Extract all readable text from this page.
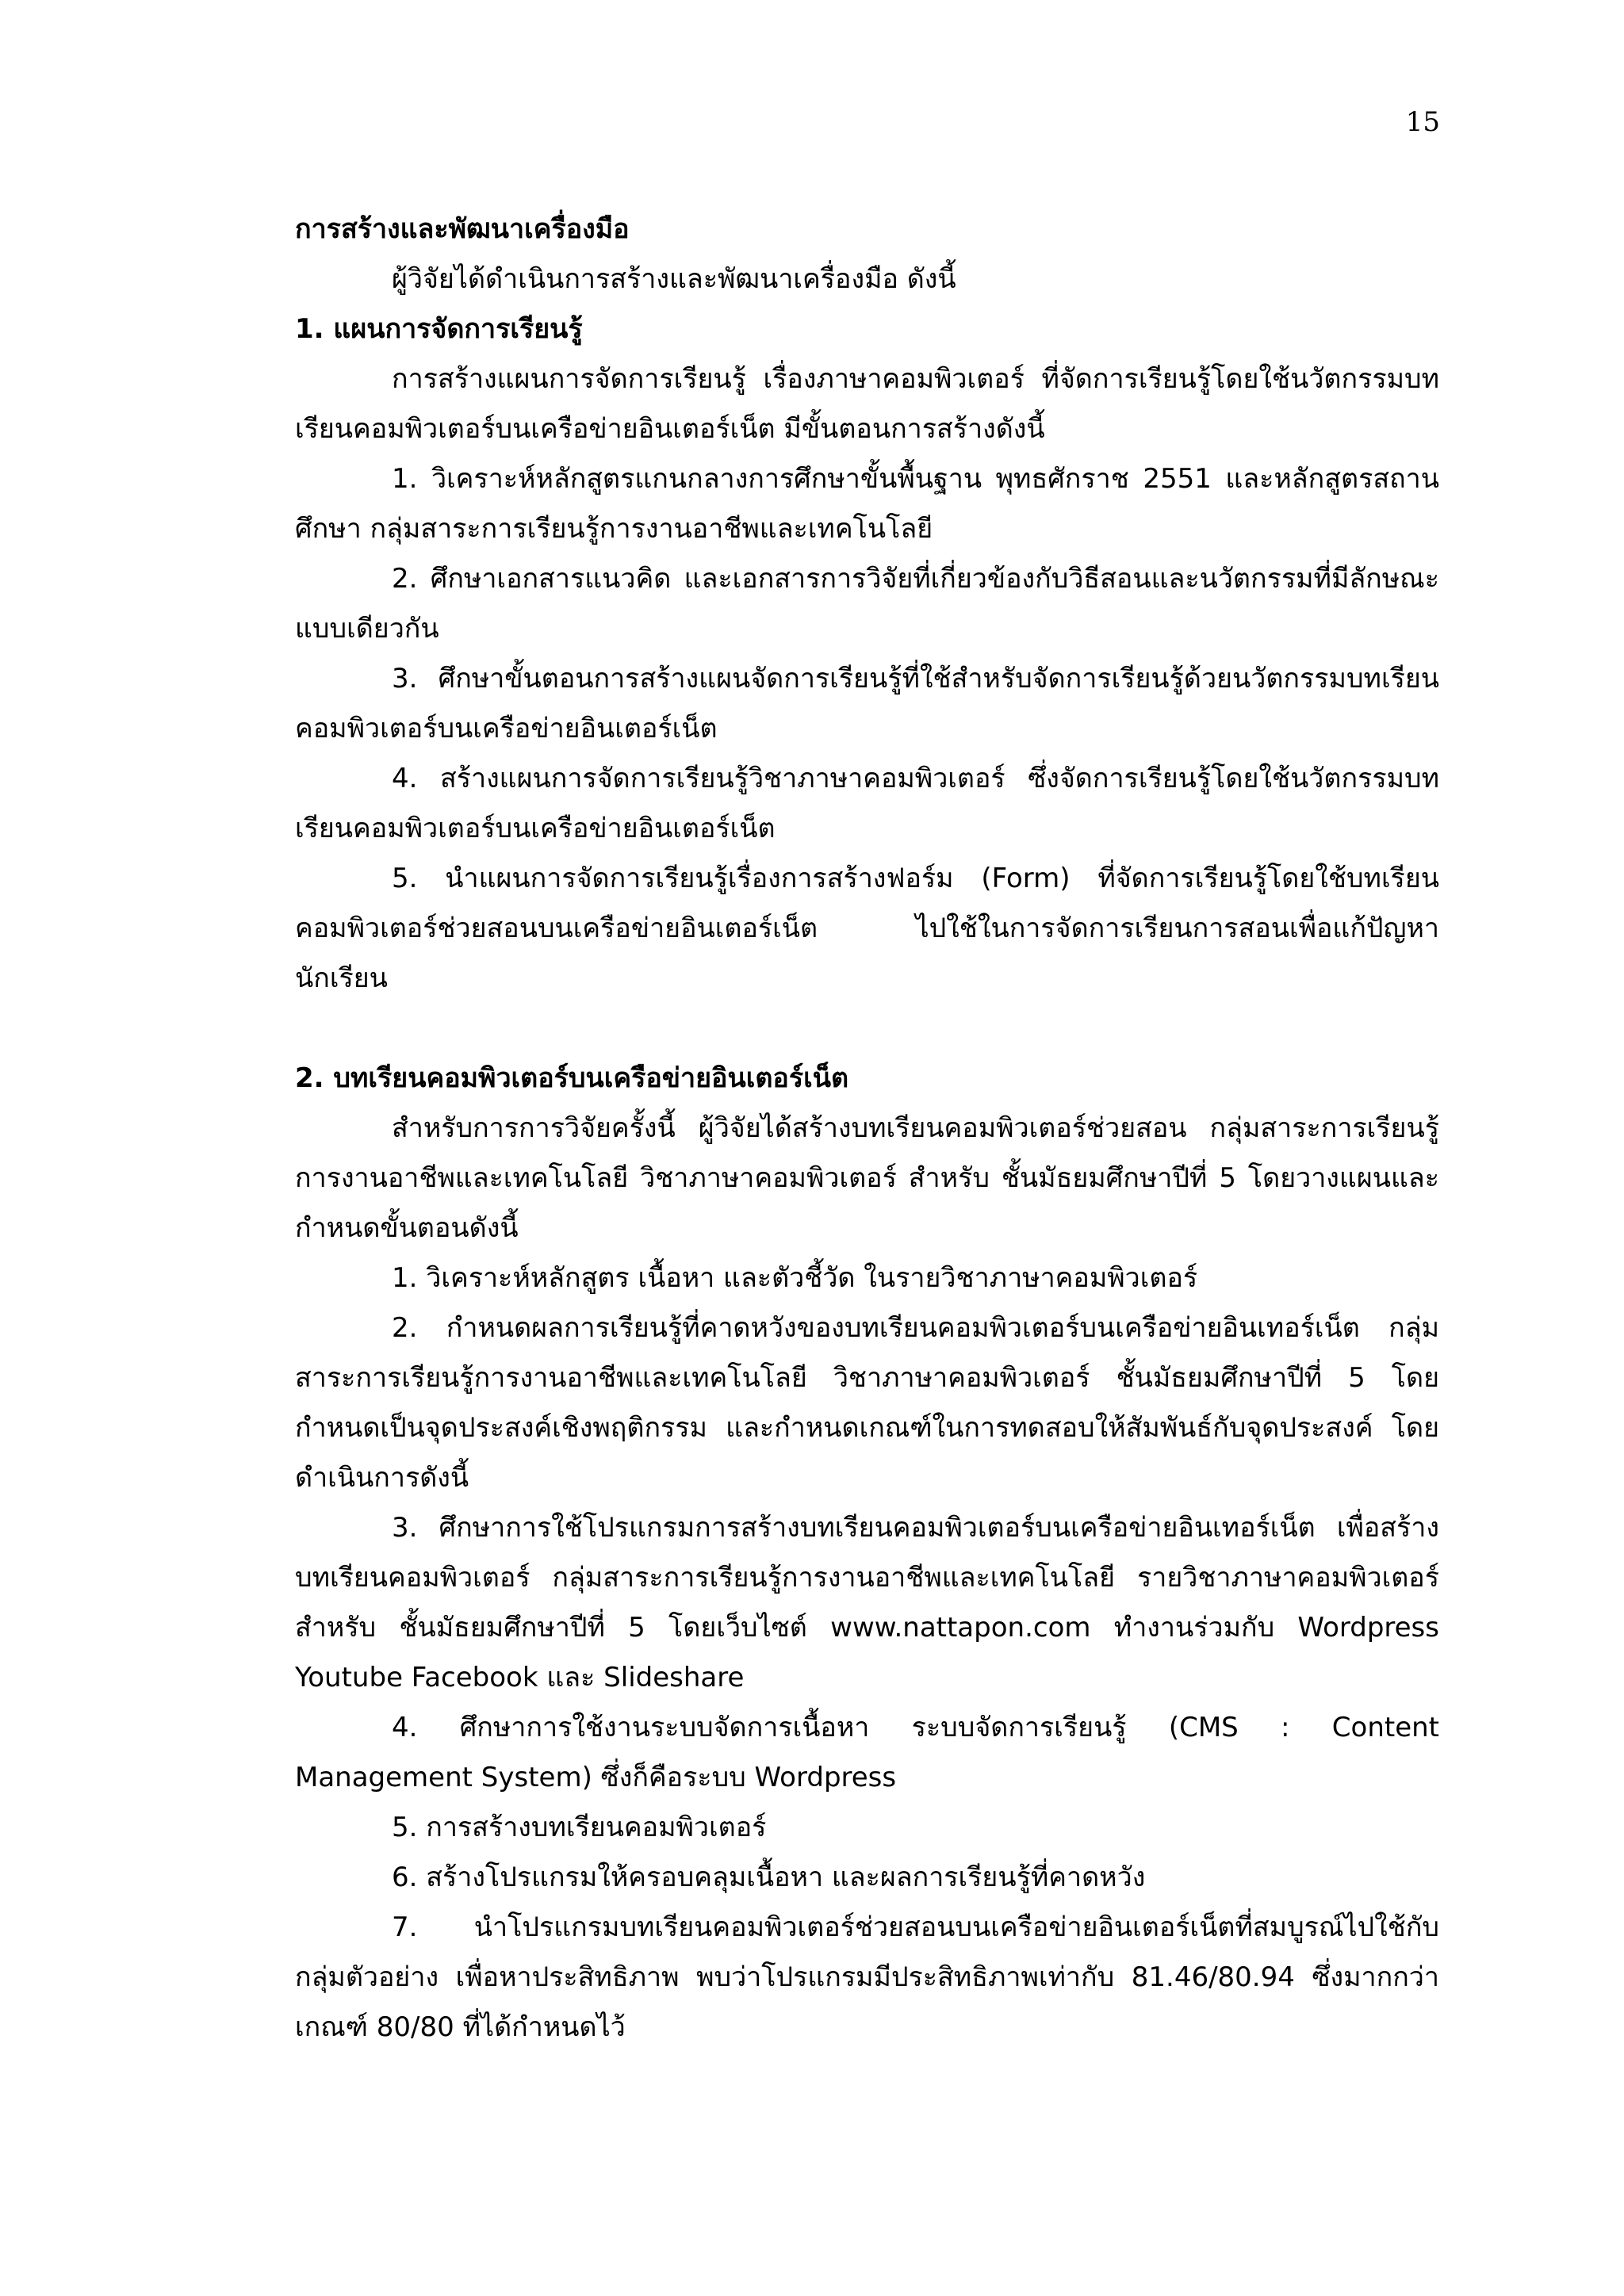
15

การสร้างและพัฒนาเครื่องมือ

ผู้วิจัยได้ดำเนินการสร้างและพัฒนาเครื่องมือ ดังนี้

1. แผนการจัดการเรียนรู้

การสร้างแผนการจัดการเรียนรู้ เรื่องภาษาคอมพิวเตอร์ ที่จัดการเรียนรู้โดยใช้นวัตกรรมบทเรียนคอมพิวเตอร์บนเครือข่ายอินเตอร์เน็ต มีขั้นตอนการสร้างดังนี้

1. วิเคราะห์หลักสูตรแกนกลางการศึกษาขั้นพื้นฐาน พุทธศักราช 2551 และหลักสูตรสถานศึกษา กลุ่มสาระการเรียนรู้การงานอาชีพและเทคโนโลยี

2. ศึกษาเอกสารแนวคิด และเอกสารการวิจัยที่เกี่ยวข้องกับวิธีสอนและนวัตกรรมที่มีลักษณะแบบเดียวกัน

3. ศึกษาขั้นตอนการสร้างแผนจัดการเรียนรู้ที่ใช้สำหรับจัดการเรียนรู้ด้วยนวัตกรรมบทเรียนคอมพิวเตอร์บนเครือข่ายอินเตอร์เน็ต

4. สร้างแผนการจัดการเรียนรู้วิชาภาษาคอมพิวเตอร์ ซึ่งจัดการเรียนรู้โดยใช้นวัตกรรมบทเรียนคอมพิวเตอร์บนเครือข่ายอินเตอร์เน็ต

5. นำแผนการจัดการเรียนรู้เรื่องการสร้างฟอร์ม (Form) ที่จัดการเรียนรู้โดยใช้บทเรียนคอมพิวเตอร์ช่วยสอนบนเครือข่ายอินเตอร์เน็ต ไปใช้ในการจัดการเรียนการสอนเพื่อแก้ปัญหานักเรียน

2. บทเรียนคอมพิวเตอร์บนเครือข่ายอินเตอร์เน็ต

สำหรับการการวิจัยครั้งนี้ ผู้วิจัยได้สร้างบทเรียนคอมพิวเตอร์ช่วยสอน กลุ่มสาระการเรียนรู้การงานอาชีพและเทคโนโลยี วิชาภาษาคอมพิวเตอร์ สำหรับ ชั้นมัธยมศึกษาปีที่ 5 โดยวางแผนและกำหนดขั้นตอนดังนี้

1. วิเคราะห์หลักสูตร เนื้อหา และตัวชี้วัด ในรายวิชาภาษาคอมพิวเตอร์

2. กำหนดผลการเรียนรู้ที่คาดหวังของบทเรียนคอมพิวเตอร์บนเครือข่ายอินเทอร์เน็ต กลุ่มสาระการเรียนรู้การงานอาชีพและเทคโนโลยี วิชาภาษาคอมพิวเตอร์ ชั้นมัธยมศึกษาปีที่ 5 โดยกำหนดเป็นจุดประสงค์เชิงพฤติกรรม และกำหนดเกณฑ์ในการทดสอบให้สัมพันธ์กับจุดประสงค์ โดยดำเนินการดังนี้

3. ศึกษาการใช้โปรแกรมการสร้างบทเรียนคอมพิวเตอร์บนเครือข่ายอินเทอร์เน็ต เพื่อสร้างบทเรียนคอมพิวเตอร์ กลุ่มสาระการเรียนรู้การงานอาชีพและเทคโนโลยี รายวิชาภาษาคอมพิวเตอร์สำหรับ ชั้นมัธยมศึกษาปีที่ 5 โดยเว็บไซต์ www.nattapon.com ทำงานร่วมกับ Wordpress Youtube Facebook และ Slideshare

4. ศึกษาการใช้งานระบบจัดการเนื้อหา ระบบจัดการเรียนรู้ (CMS : Content Management System) ซึ่งก็คือระบบ Wordpress

5. การสร้างบทเรียนคอมพิวเตอร์

6. สร้างโปรแกรมให้ครอบคลุมเนื้อหา และผลการเรียนรู้ที่คาดหวัง

7. นำโปรแกรมบทเรียนคอมพิวเตอร์ช่วยสอนบนเครือข่ายอินเตอร์เน็ตที่สมบูรณ์ไปใช้กับกลุ่มตัวอย่าง เพื่อหาประสิทธิภาพ พบว่าโปรแกรมมีประสิทธิภาพเท่ากับ 81.46/80.94 ซึ่งมากกว่าเกณฑ์ 80/80 ที่ได้กำหนดไว้
